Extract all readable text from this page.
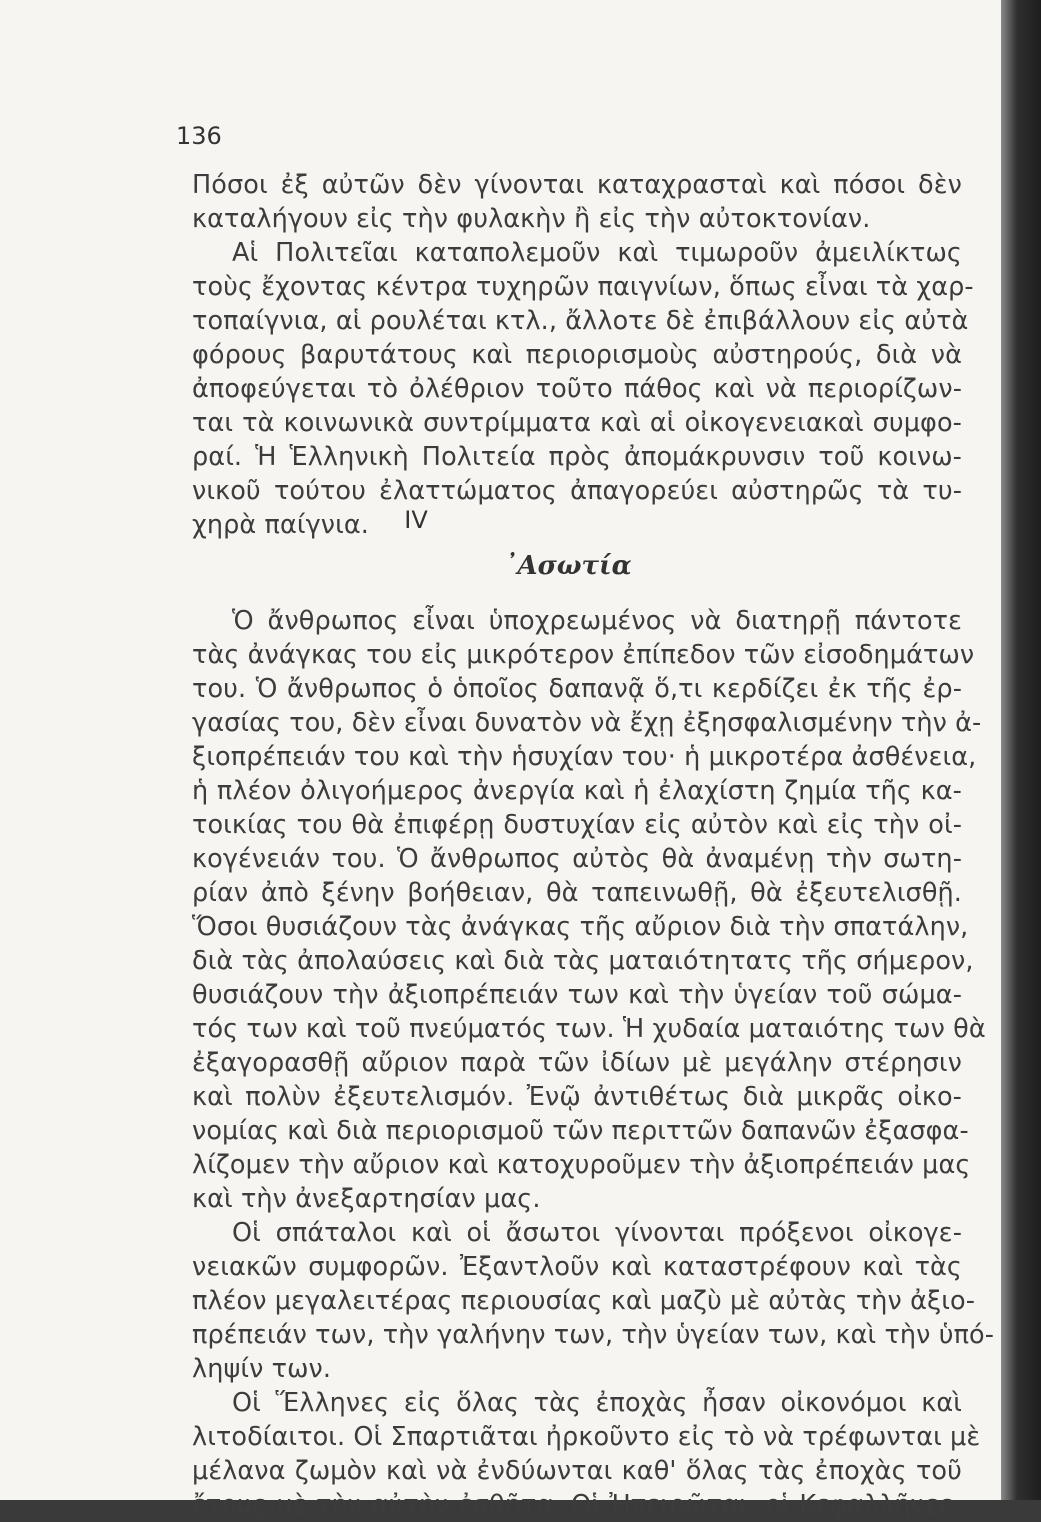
136
Πόσοι ἐξ αὐτῶν δὲν γίνονται καταχρασταὶ καὶ πόσοι δὲν
καταλήγουν εἰς τὴν φυλακὴν ἢ εἰς τὴν αὐτοκτονίαν.
Αἱ Πολιτεῖαι καταπολεμοῦν καὶ τιμωροῦν ἀμειλίκτως
τοὺς ἔχοντας κέντρα τυχηρῶν παιγνίων, ὅπως εἶναι τὰ χαρ-
τοπαίγνια, αἱ ρουλέται κτλ., ἄλλοτε δὲ ἐπιβάλλουν εἰς αὐτὰ
φόρους βαρυτάτους καὶ περιορισμοὺς αὐστηρούς, διὰ νὰ
ἀποφεύγεται τὸ ὀλέθριον τοῦτο πάθος καὶ νὰ περιορίζων-
ται τὰ κοινωνικὰ συντρίμματα καὶ αἱ οἰκογενειακαὶ συμφο-
ραί. Ἡ Ἑλληνικὴ Πολιτεία πρὸς ἀπομάκρυνσιν τοῦ κοινω-
νικοῦ τούτου ἐλαττώματος ἀπαγορεύει αὐστηρῶς τὰ τυ-
χηρὰ παίγνια.	IV
᾿Ασωτία
Ὁ ἄνθρωπος εἶναι ὑποχρεωμένος νὰ διατηρῇ πάντοτε
τὰς ἀνάγκας του εἰς μικρότερον ἐπίπεδον τῶν εἰσοδημάτων
του. Ὁ ἄνθρωπος ὁ ὁποῖος δαπανᾷ ὅ,τι κερδίζει ἐκ τῆς ἐρ-
γασίας του, δὲν εἶναι δυνατὸν νὰ ἔχῃ ἐξησφαλισμένην τὴν ἀ-
ξιοπρέπειάν του καὶ τὴν ἡσυχίαν του· ἡ μικροτέρα ἀσθένεια,
ἡ πλέον ὀλιγοήμερος ἀνεργία καὶ ἡ ἐλαχίστη ζημία τῆς κα-
τοικίας του θὰ ἐπιφέρῃ δυστυχίαν εἰς αὐτὸν καὶ εἰς τὴν οἰ-
κογένειάν του. Ὁ ἄνθρωπος αὐτὸς θὰ ἀναμένῃ τὴν σωτη-
ρίαν ἀπὸ ξένην βοήθειαν, θὰ ταπεινωθῇ, θὰ ἐξευτελισθῇ.
Ὅσοι θυσιάζουν τὰς ἀνάγκας τῆς αὔριον διὰ τὴν σπατάλην,
διὰ τὰς ἀπολαύσεις καὶ διὰ τὰς ματαιότητατς τῆς σήμερον,
θυσιάζουν τὴν ἀξιοπρέπειάν των καὶ τὴν ὑγείαν τοῦ σώμα-
τός των καὶ τοῦ πνεύματός των. Ἡ χυδαία ματαιότης των θὰ
ἐξαγορασθῇ αὔριον παρὰ τῶν ἰδίων μὲ μεγάλην στέρησιν
καὶ πολὺν ἐξευτελισμόν. Ἐνῷ ἀντιθέτως διὰ μικρᾶς οἰκο-
νομίας καὶ διὰ περιορισμοῦ τῶν περιττῶν δαπανῶν ἐξασφα-
λίζομεν τὴν αὔριον καὶ κατοχυροῦμεν τὴν ἀξιοπρέπειάν μας
καὶ τὴν ἀνεξαρτησίαν μας.
Οἱ σπάταλοι καὶ οἱ ἄσωτοι γίνονται πρόξενοι οἰκογε-
νειακῶν συμφορῶν. Ἐξαντλοῦν καὶ καταστρέφουν καὶ τὰς
πλέον μεγαλειτέρας περιουσίας καὶ μαζὺ μὲ αὐτὰς τὴν ἀξιο-
πρέπειάν των, τὴν γαλήνην των, τὴν ὑγείαν των, καὶ τὴν ὑπό-
ληψίν των.
Οἱ Ἕλληνες εἰς ὅλας τὰς ἐποχὰς ἦσαν οἰκονόμοι καὶ
λιτοδίαιτοι. Οἱ Σπαρτιᾶται ἠρκοῦντο εἰς τὸ νὰ τρέφωνται μὲ
μέλανα ζωμὸν καὶ νὰ ἐνδύωνται καθ' ὅλας τὰς ἐποχὰς τοῦ
ἔτους μὲ τὴν αὐτὴν ἐσθῆτα. Οἱ Ἠπειρῶται, οἱ Κεφαλλῆνες,
